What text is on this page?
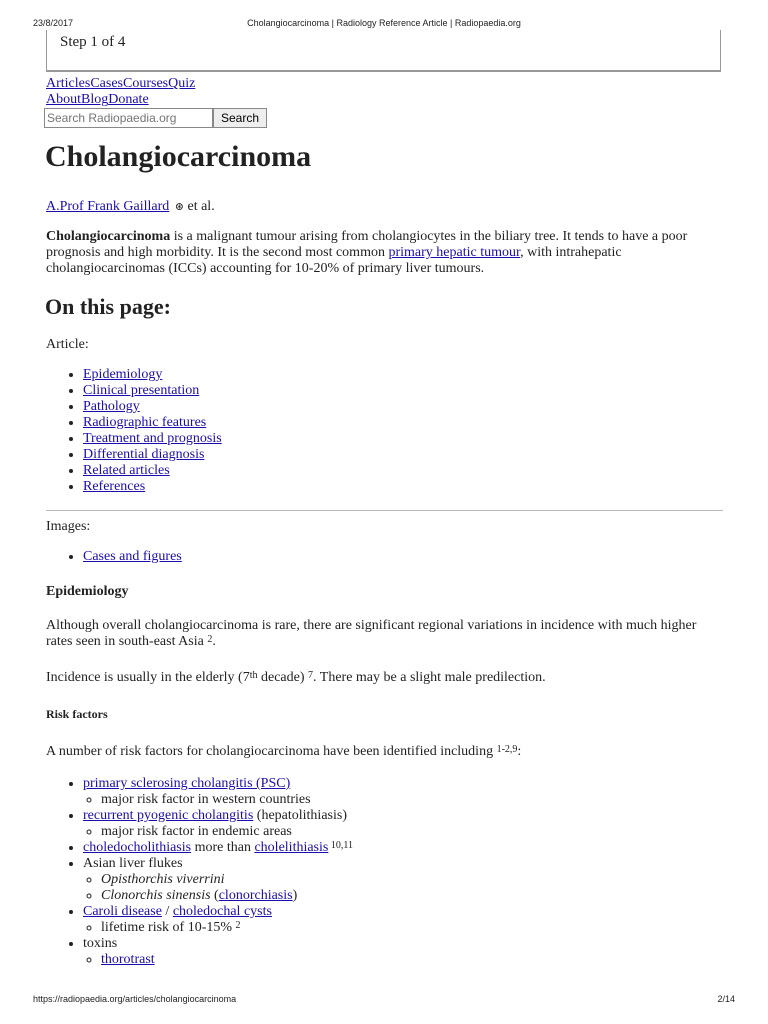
23/8/2017	Cholangiocarcinoma | Radiology Reference Article | Radiopaedia.org
Step 1 of 4
ArticlesCasesCoursesQuiz
AboutBlogDonate
Search Radiopaedia.org
Search
Cholangiocarcinoma
A.Prof Frank Gaillard ⊛ et al.

Cholangiocarcinoma is a malignant tumour arising from cholangiocytes in the biliary tree. It tends to have a poor prognosis and high morbidity. It is the second most common primary hepatic tumour, with intrahepatic cholangiocarcinomas (ICCs) accounting for 10-20% of primary liver tumours.

On this page:
Article:
• Epidemiology
• Clinical presentation
• Pathology
• Radiographic features
• Treatment and prognosis
• Differential diagnosis
• Related articles
• References
Images:
• Cases and figures
Epidemiology

Although overall cholangiocarcinoma is rare, there are significant regional variations in incidence with much higher rates seen in south-east Asia $^2$.

Incidence is usually in the elderly (7th decade) $^7$. There may be a slight male predilection.

Risk factors

A number of risk factors for cholangiocarcinoma have been identified including $^{1-2,9}$:

• primary sclerosing cholangitis (PSC)
◦ major risk factor in western countries
• recurrent pyogenic cholangitis (hepatolithiasis)
◦ major risk factor in endemic areas
• choledocholithiasis more than cholelithiasis $^{10,11}$
• Asian liver flukes
◦ Opisthorchis viverrini
◦ Clonorchis sinensis (clonorchiasis)
• Caroli disease / choledochal cysts
◦ lifetime risk of 10-15% $^2$
• toxins
◦ thorotrast
https://radiopaedia.org/articles/cholangiocarcinoma	2/14
